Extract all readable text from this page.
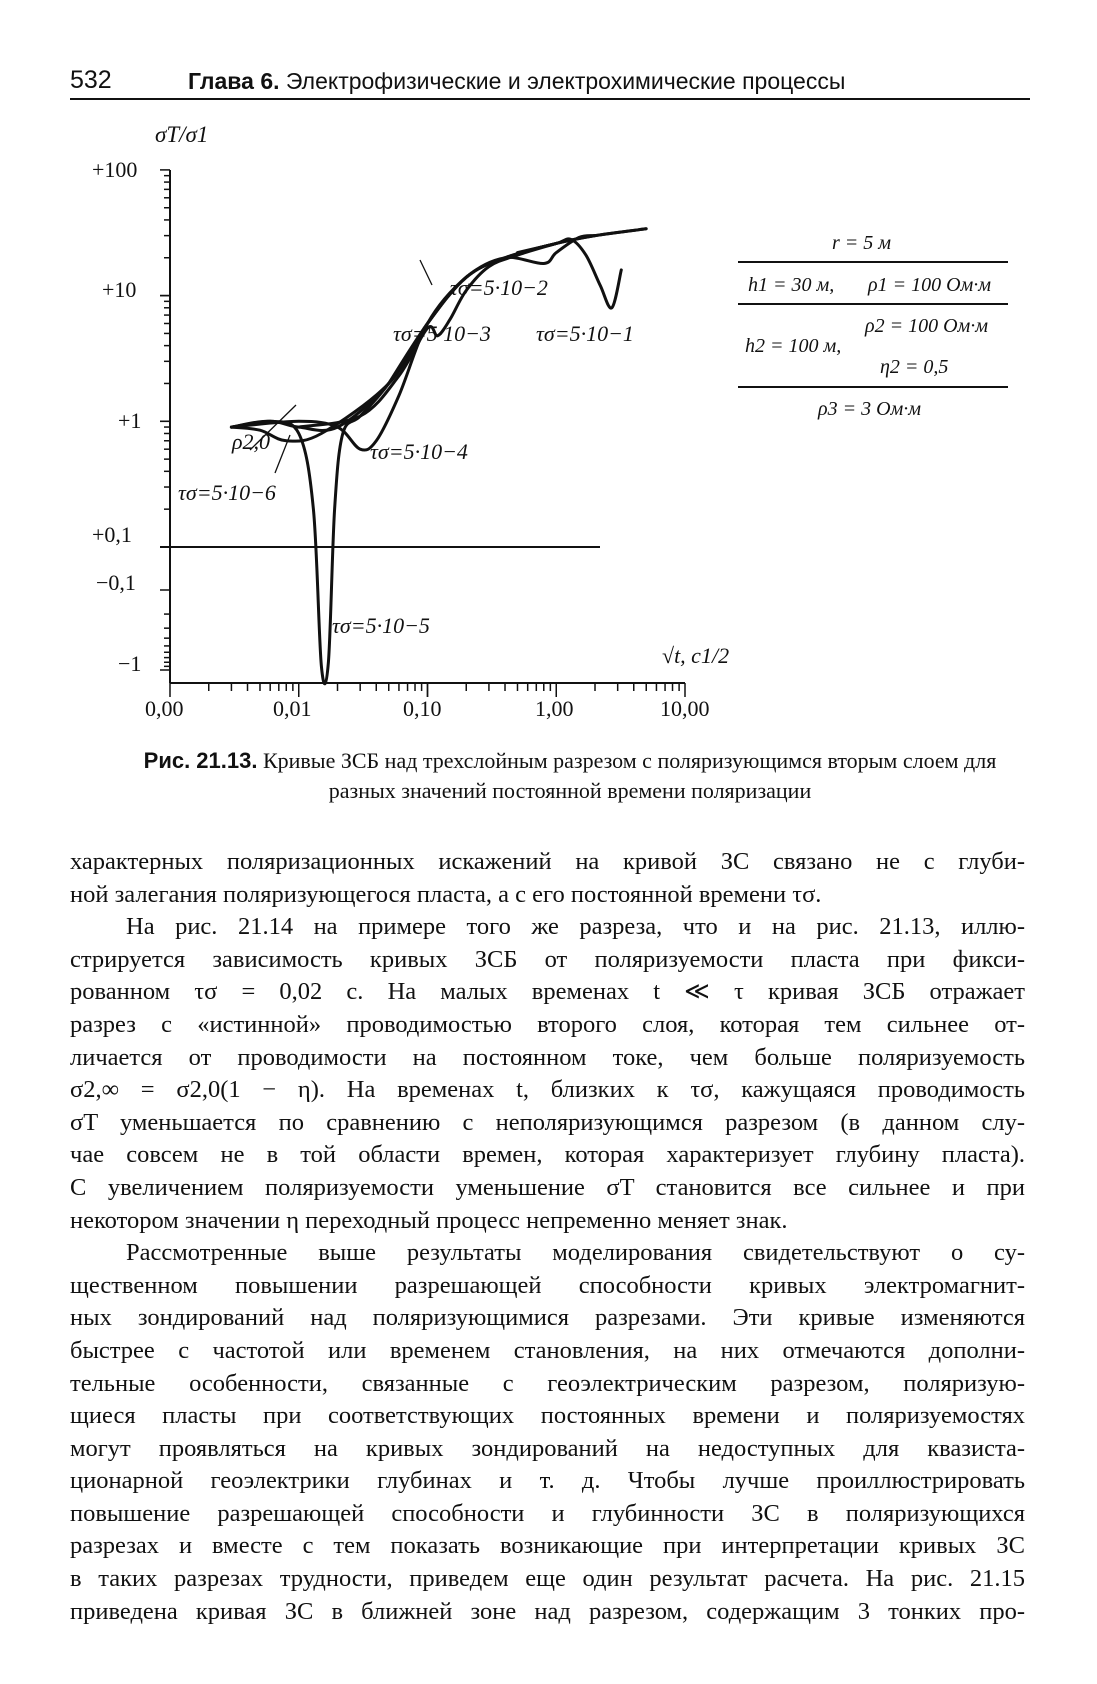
532	Глава 6. Электрофизические и электрохимические процессы
σT/σ1
√t, c1/2
+100
+10
+1
+0,1
−0,1
−1
0,00	0,01	0,10	1,00	10,00
ρ2,0
τσ=5·10−6
τσ=5·10−5
τσ=5·10−4
τσ=5·10−3
τσ=5·10−2
τσ=5·10−1
r = 5 м
h1 = 30 м, ρ1 = 100 Ом·м
ρ2 = 100 Ом·м
h2 = 100 м,
η2 = 0,5
ρ3 = 3 Ом·м
Рис. 21.13. Кривые ЗСБ над трехслойным разрезом с поляризующимся вторым слоем для разных значений постоянной времени поляризации
характерных поляризационных искажений на кривой ЗС связано не с глуби-
ной залегания поляризующегося пласта, а с его постоянной времени τσ.
На рис. 21.14 на примере того же разреза, что и на рис. 21.13, иллю-
стрируется зависимость кривых ЗСБ от поляризуемости пласта при фикси-
рованном τσ = 0,02 с. На малых временах t ≪ τ кривая ЗСБ отражает
разрез с «истинной» проводимостью второго слоя, которая тем сильнее от-
личается от проводимости на постоянном токе, чем больше поляризуемость
σ2,∞ = σ2,0(1 − η). На временах t, близких к τσ, кажущаяся проводимость
σT уменьшается по сравнению с неполяризующимся разрезом (в данном слу-
чае совсем не в той области времен, которая характеризует глубину пласта).
С увеличением поляризуемости уменьшение σT становится все сильнее и при
некотором значении η переходный процесс непременно меняет знак.
Рассмотренные выше результаты моделирования свидетельствуют о су-
щественном повышении разрешающей способности кривых электромагнит-
ных зондирований над поляризующимися разрезами. Эти кривые изменяются
быстрее с частотой или временем становления, на них отмечаются дополни-
тельные особенности, связанные с геоэлектрическим разрезом, поляризую-
щиеся пласты при соответствующих постоянных времени и поляризуемостях
могут проявляться на кривых зондирований на недоступных для квазиста-
ционарной геоэлектрики глубинах и т. д. Чтобы лучше проиллюстрировать
повышение разрешающей способности и глубинности ЗС в поляризующихся
разрезах и вместе с тем показать возникающие при интерпретации кривых ЗС
в таких разрезах трудности, приведем еще один результат расчета. На рис. 21.15
приведена кривая ЗС в ближней зоне над разрезом, содержащим 3 тонких про-
